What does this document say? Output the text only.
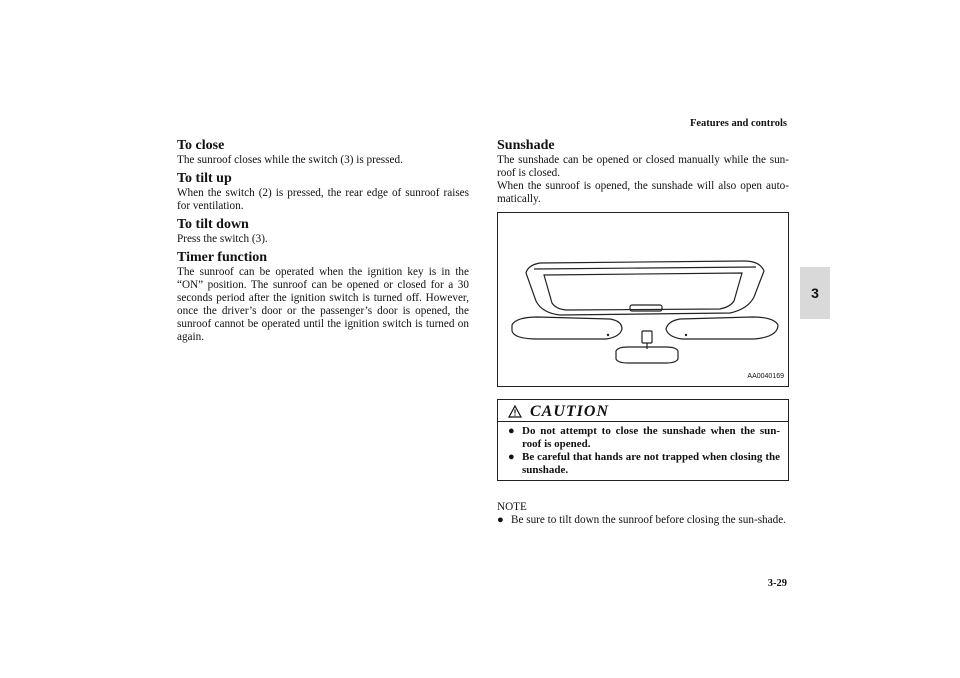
Features and controls
3
To close

The sunroof closes while the switch (3) is pressed.

To tilt up

When the switch (2) is pressed, the rear edge of sunroof raises for ventilation.

To tilt down

Press the switch (3).

Timer function

The sunroof can be operated when the ignition key is in the “ON” position. The sunroof can be opened or closed for a 30 seconds period after the ignition switch is turned off. However, once the driver’s door or the passenger’s door is opened, the sunroof cannot be operated until the ignition switch is turned on again.

Sunshade

The sunshade can be opened or closed manually while the sun-roof is closed.

When the sunroof is opened, the sunshade will also open auto-matically.

AA0040169
CAUTION
● Do not attempt to close the sunshade when the sun-roof is opened.
● Be careful that hands are not trapped when closing the sunshade.
NOTE
● Be sure to tilt down the sunroof before closing the sun-shade.
3-29
